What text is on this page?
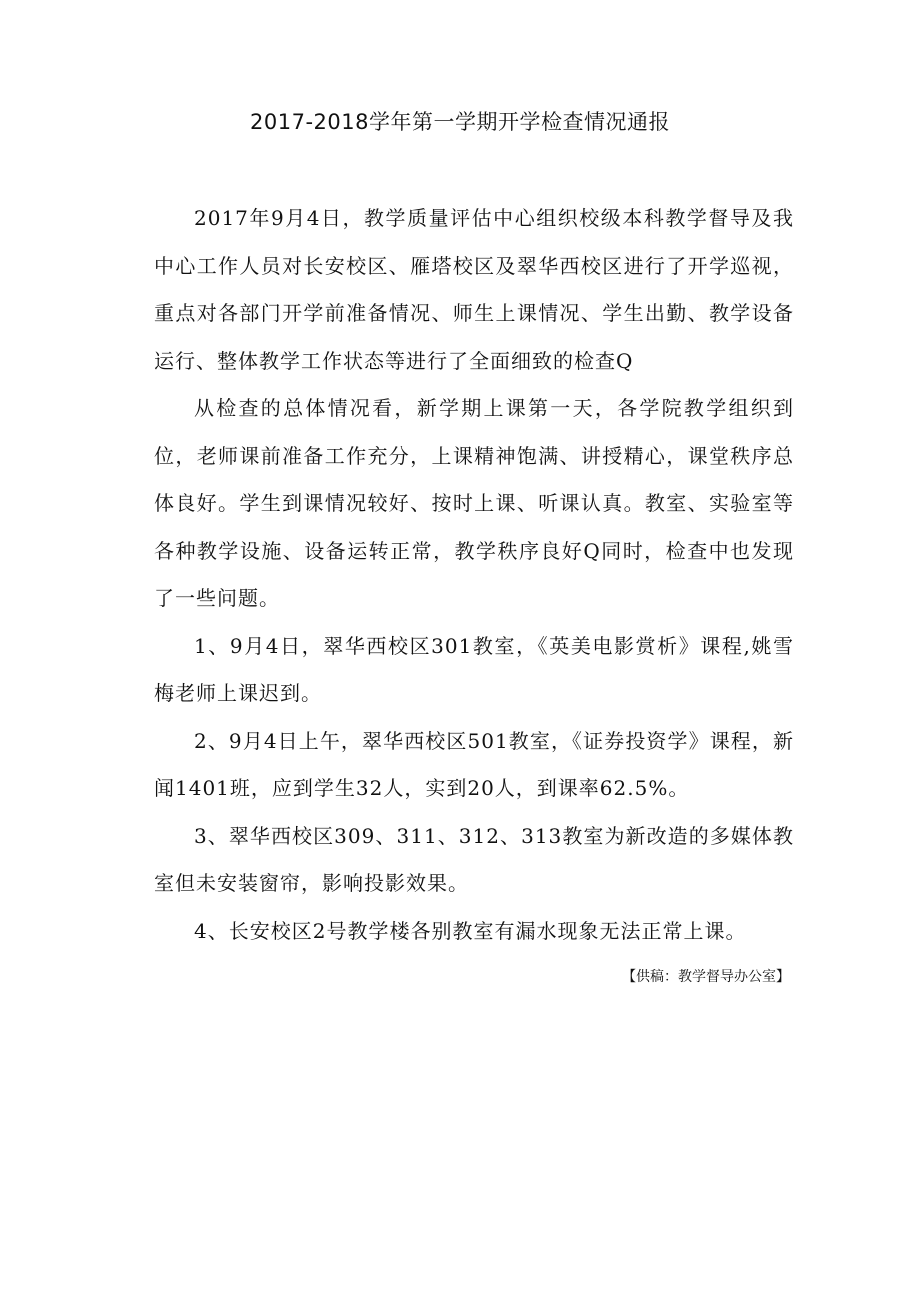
2017-2018学年第一学期开学检查情况通报

2017年9月4日，教学质量评估中心组织校级本科教学督导及我中心工作人员对长安校区、雁塔校区及翠华西校区进行了开学巡视，重点对各部门开学前准备情况、师生上课情况、学生出勤、教学设备运行、整体教学工作状态等进行了全面细致的检查Q

从检查的总体情况看，新学期上课第一天，各学院教学组织到位，老师课前准备工作充分，上课精神饱满、讲授精心，课堂秩序总体良好。学生到课情况较好、按时上课、听课认真。教室、实验室等各种教学设施、设备运转正常，教学秩序良好Q同时，检查中也发现了一些问题。

1、9月4日，翠华西校区301教室，《英美电影赏析》课程,姚雪梅老师上课迟到。

2、9月4日上午，翠华西校区501教室，《证券投资学》课程，新闻1401班，应到学生32人，实到20人，到课率62.5%。

3、翠华西校区309、311、312、313教室为新改造的多媒体教室但未安装窗帘，影响投影效果。

4、长安校区2号教学楼各别教室有漏水现象无法正常上课。

【供稿：教学督导办公室】
